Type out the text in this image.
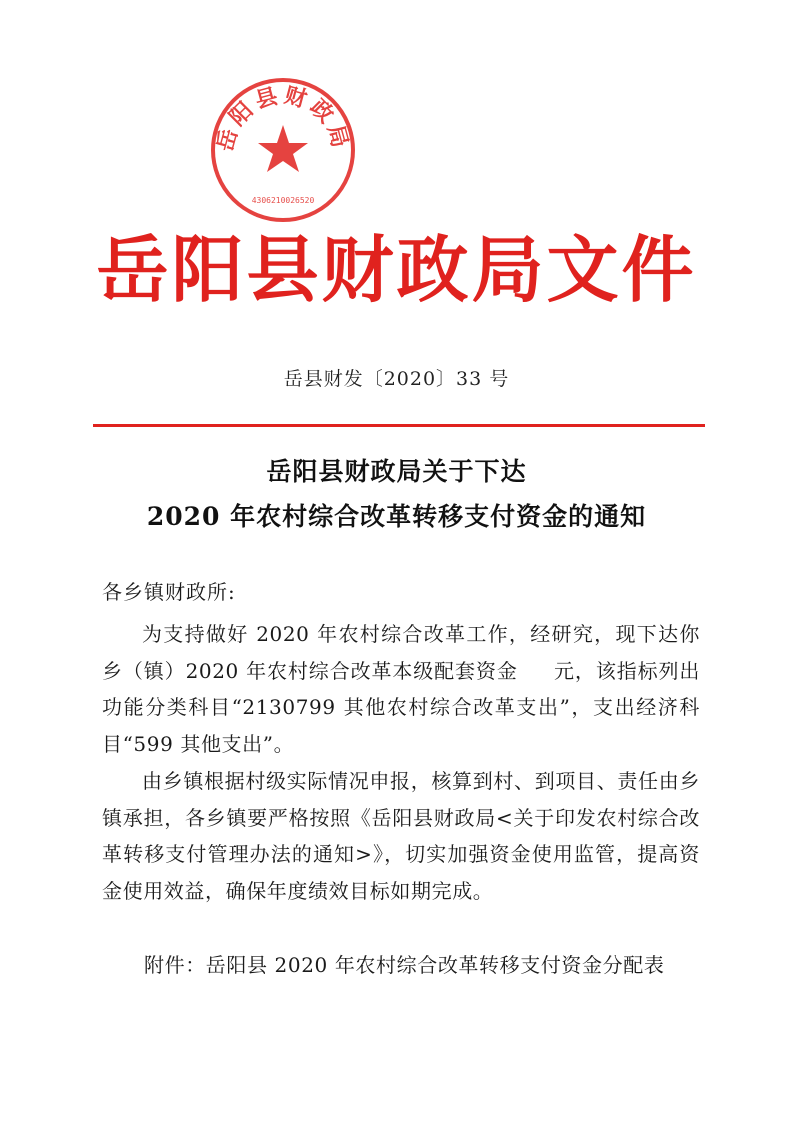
岳阳县财政局
4306210026520
岳阳县财政局文件
岳县财发〔2020〕33 号
岳阳县财政局关于下达
2020 年农村综合改革转移支付资金的通知
各乡镇财政所:
为支持做好 2020 年农村综合改革工作，经研究，现下达你乡（镇）2020 年农村综合改革本级配套资金 元，该指标列出功能分类科目“2130799 其他农村综合改革支出”，支出经济科目“599 其他支出”。
由乡镇根据村级实际情况申报，核算到村、到项目、责任由乡镇承担，各乡镇要严格按照《岳阳县财政局<关于印发农村综合改革转移支付管理办法的通知>》，切实加强资金使用监管，提高资金使用效益，确保年度绩效目标如期完成。
附件：岳阳县 2020 年农村综合改革转移支付资金分配表
